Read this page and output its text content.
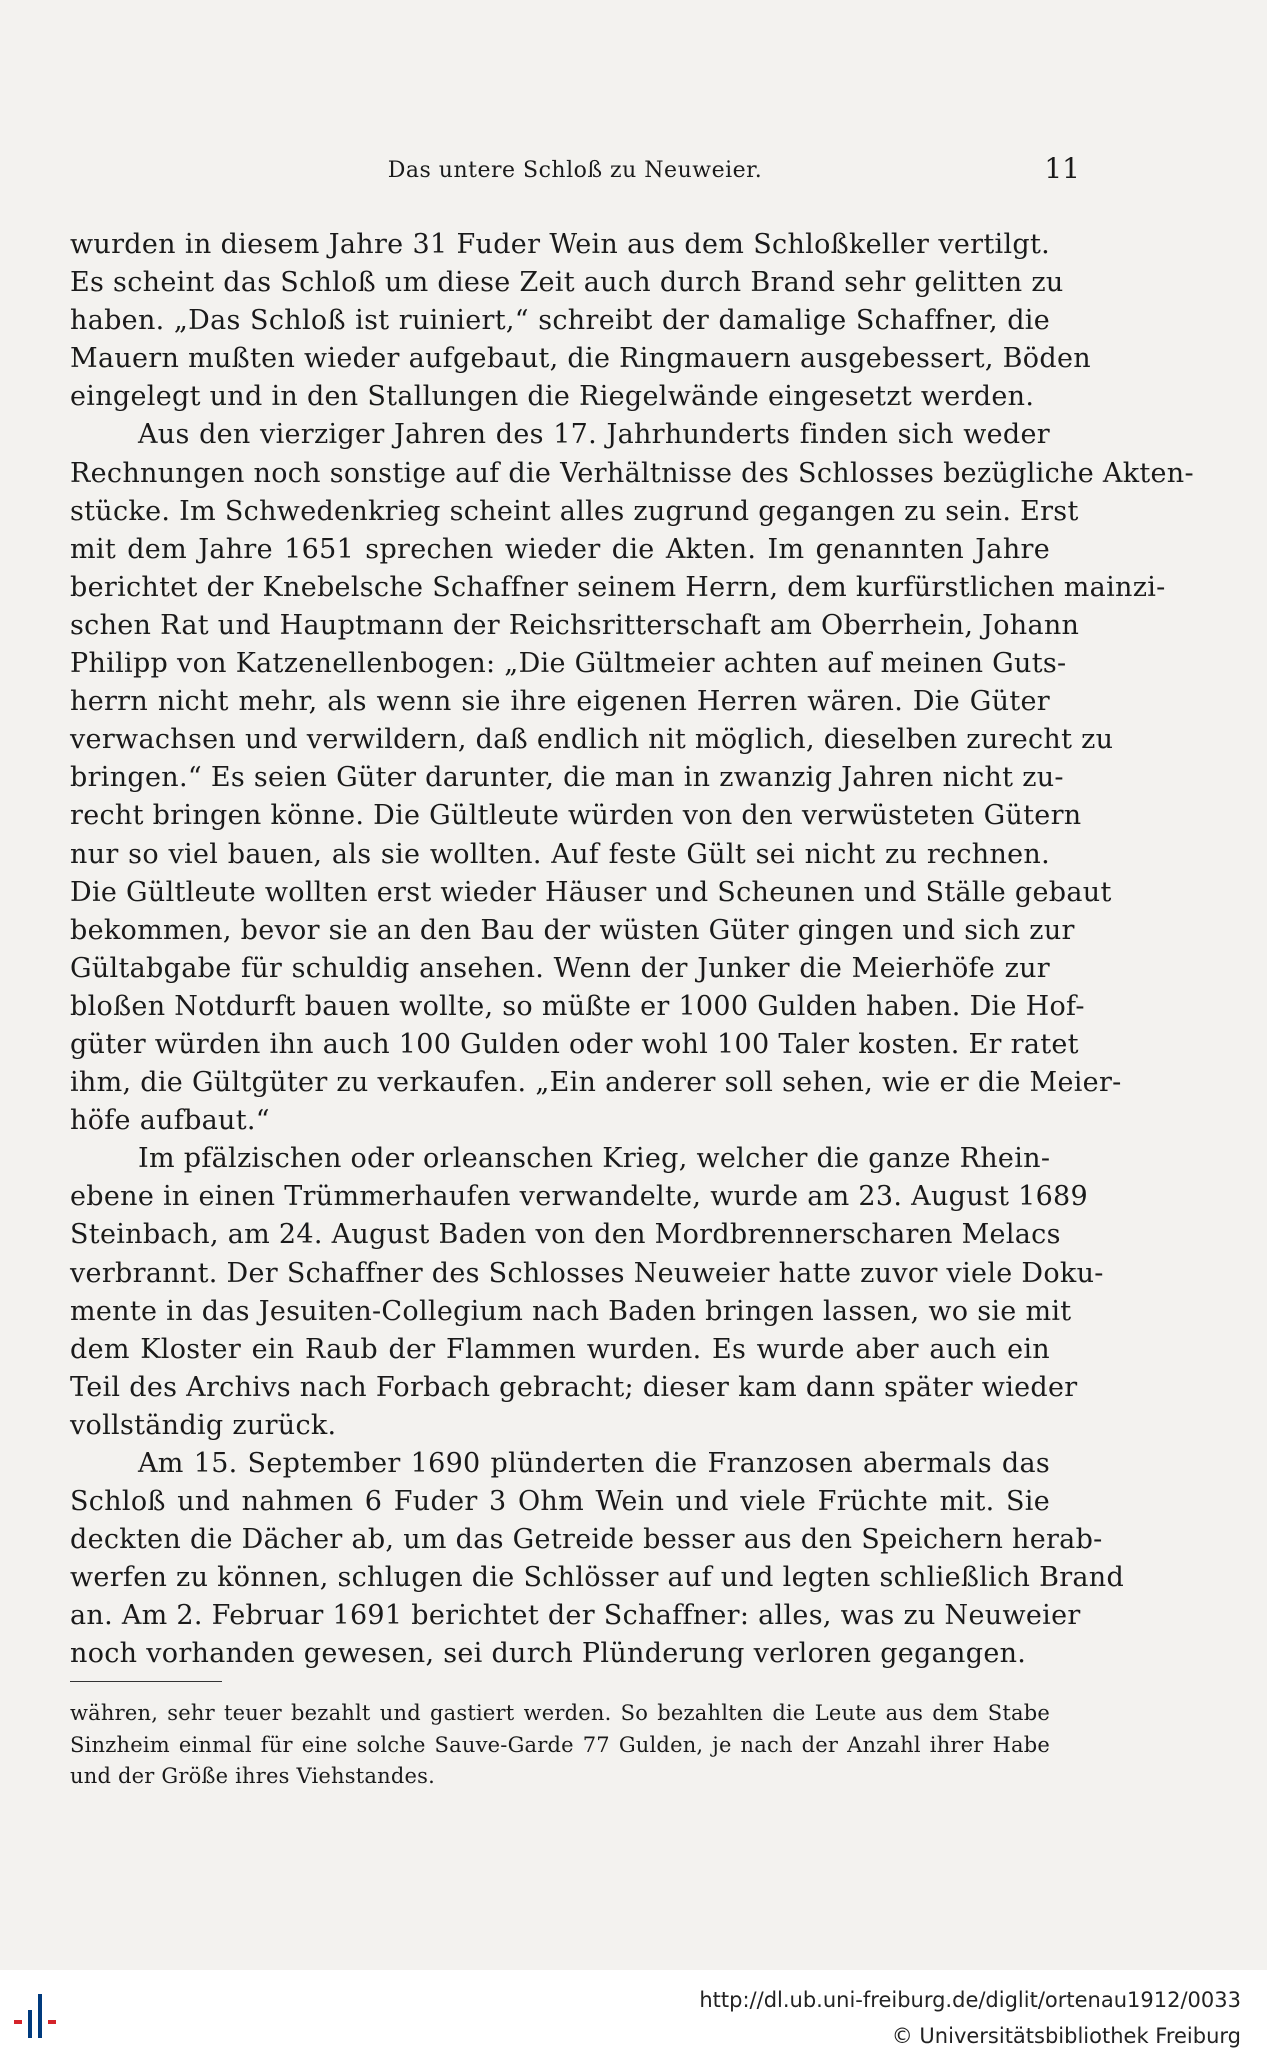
Das untere Schloß zu Neuweier.	11
wurden in diesem Jahre 31 Fuder Wein aus dem Schloßkeller vertilgt.
Es scheint das Schloß um diese Zeit auch durch Brand sehr gelitten zu
haben. „Das Schloß ist ruiniert,“ schreibt der damalige Schaffner, die
Mauern mußten wieder aufgebaut, die Ringmauern ausgebessert, Böden
eingelegt und in den Stallungen die Riegelwände eingesetzt werden.
Aus den vierziger Jahren des 17. Jahrhunderts finden sich weder
Rechnungen noch sonstige auf die Verhältnisse des Schlosses bezügliche Akten-
stücke. Im Schwedenkrieg scheint alles zugrund gegangen zu sein. Erst
mit dem Jahre 1651 sprechen wieder die Akten. Im genannten Jahre
berichtet der Knebelsche Schaffner seinem Herrn, dem kurfürstlichen mainzi-
schen Rat und Hauptmann der Reichsritterschaft am Oberrhein, Johann
Philipp von Katzenellenbogen: „Die Gültmeier achten auf meinen Guts-
herrn nicht mehr, als wenn sie ihre eigenen Herren wären. Die Güter
verwachsen und verwildern, daß endlich nit möglich, dieselben zurecht zu
bringen.“ Es seien Güter darunter, die man in zwanzig Jahren nicht zu-
recht bringen könne. Die Gültleute würden von den verwüsteten Gütern
nur so viel bauen, als sie wollten. Auf feste Gült sei nicht zu rechnen.
Die Gültleute wollten erst wieder Häuser und Scheunen und Ställe gebaut
bekommen, bevor sie an den Bau der wüsten Güter gingen und sich zur
Gültabgabe für schuldig ansehen. Wenn der Junker die Meierhöfe zur
bloßen Notdurft bauen wollte, so müßte er 1000 Gulden haben. Die Hof-
güter würden ihn auch 100 Gulden oder wohl 100 Taler kosten. Er ratet
ihm, die Gültgüter zu verkaufen. „Ein anderer soll sehen, wie er die Meier-
höfe aufbaut.“
Im pfälzischen oder orleanschen Krieg, welcher die ganze Rhein-
ebene in einen Trümmerhaufen verwandelte, wurde am 23. August 1689
Steinbach, am 24. August Baden von den Mordbrennerscharen Melacs
verbrannt. Der Schaffner des Schlosses Neuweier hatte zuvor viele Doku-
mente in das Jesuiten-Collegium nach Baden bringen lassen, wo sie mit
dem Kloster ein Raub der Flammen wurden. Es wurde aber auch ein
Teil des Archivs nach Forbach gebracht; dieser kam dann später wieder
vollständig zurück.
Am 15. September 1690 plünderten die Franzosen abermals das
Schloß und nahmen 6 Fuder 3 Ohm Wein und viele Früchte mit. Sie
deckten die Dächer ab, um das Getreide besser aus den Speichern herab-
werfen zu können, schlugen die Schlösser auf und legten schließlich Brand
an. Am 2. Februar 1691 berichtet der Schaffner: alles, was zu Neuweier
noch vorhanden gewesen, sei durch Plünderung verloren gegangen.
währen, sehr teuer bezahlt und gastiert werden. So bezahlten die Leute aus dem Stabe
Sinzheim einmal für eine solche Sauve-Garde 77 Gulden, je nach der Anzahl ihrer Habe
und der Größe ihres Viehstandes.
http://dl.ub.uni-freiburg.de/diglit/ortenau1912/0033
© Universitätsbibliothek Freiburg
